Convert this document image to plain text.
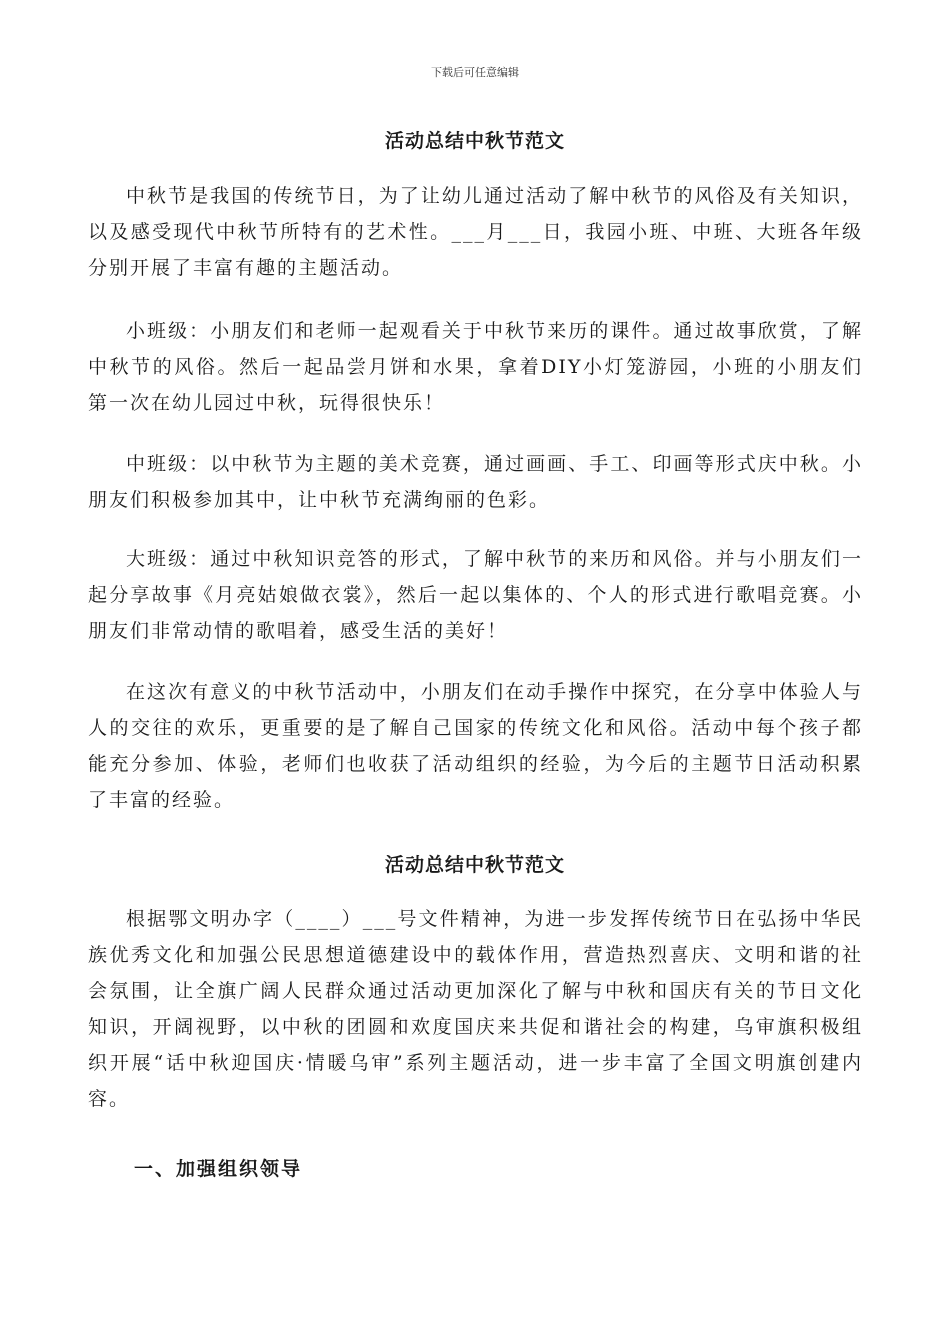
下载后可任意编辑
活动总结中秋节范文
中秋节是我国的传统节日，为了让幼儿通过活动了解中秋节的风俗及有关知识，以及感受现代中秋节所特有的艺术性。___月___日，我园小班、中班、大班各年级分别开展了丰富有趣的主题活动。
小班级：小朋友们和老师一起观看关于中秋节来历的课件。通过故事欣赏，了解中秋节的风俗。然后一起品尝月饼和水果，拿着DIY小灯笼游园，小班的小朋友们第一次在幼儿园过中秋，玩得很快乐！
中班级：以中秋节为主题的美术竞赛，通过画画、手工、印画等形式庆中秋。小朋友们积极参加其中，让中秋节充满绚丽的色彩。
大班级：通过中秋知识竞答的形式，了解中秋节的来历和风俗。并与小朋友们一起分享故事《月亮姑娘做衣裳》，然后一起以集体的、个人的形式进行歌唱竞赛。小朋友们非常动情的歌唱着，感受生活的美好！
在这次有意义的中秋节活动中，小朋友们在动手操作中探究，在分享中体验人与人的交往的欢乐，更重要的是了解自己国家的传统文化和风俗。活动中每个孩子都能充分参加、体验，老师们也收获了活动组织的经验，为今后的主题节日活动积累了丰富的经验。
活动总结中秋节范文
根据鄂文明办字（____）___号文件精神，为进一步发挥传统节日在弘扬中华民族优秀文化和加强公民思想道德建设中的载体作用，营造热烈喜庆、文明和谐的社会氛围，让全旗广阔人民群众通过活动更加深化了解与中秋和国庆有关的节日文化知识，开阔视野，以中秋的团圆和欢度国庆来共促和谐社会的构建，乌审旗积极组织开展“话中秋迎国庆·情暖乌审”系列主题活动，进一步丰富了全国文明旗创建内容。
一、加强组织领导
